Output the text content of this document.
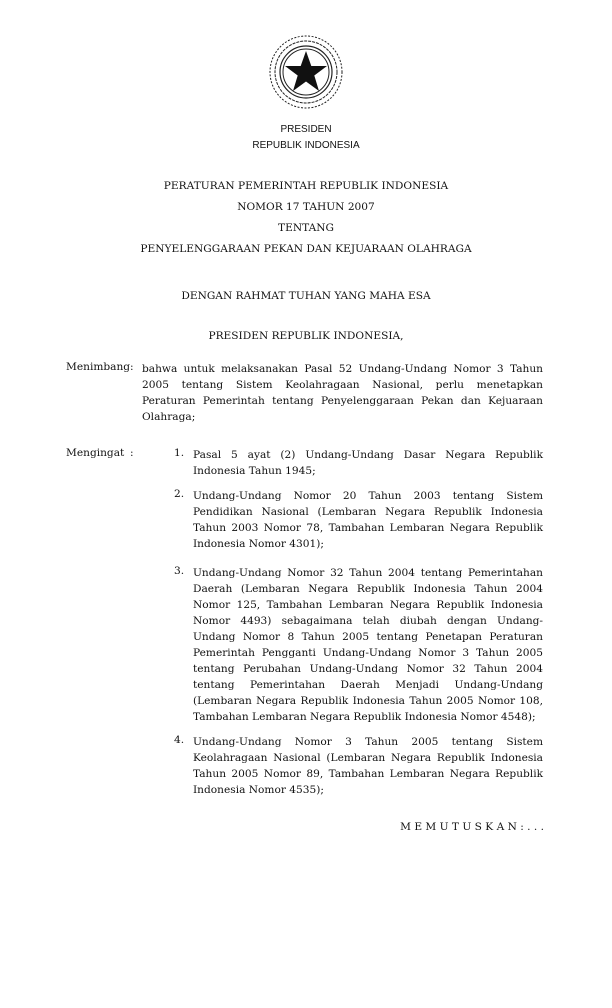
PRESIDEN
REPUBLIK INDONESIA
PERATURAN PEMERINTAH REPUBLIK INDONESIA
NOMOR 17 TAHUN 2007
TENTANG
PENYELENGGARAAN PEKAN DAN KEJUARAAN OLAHRAGA
DENGAN RAHMAT TUHAN YANG MAHA ESA
PRESIDEN REPUBLIK INDONESIA,
Menimbang : bahwa untuk melaksanakan Pasal 52 Undang-Undang Nomor 3 Tahun 2005 tentang Sistem Keolahragaan Nasional, perlu menetapkan Peraturan Pemerintah tentang Penyelenggaraan Pekan dan Kejuaraan Olahraga;
Mengingat :	1. Pasal 5 ayat (2) Undang-Undang Dasar Negara Republik Indonesia Tahun 1945;
2. Undang-Undang Nomor 20 Tahun 2003 tentang Sistem Pendidikan Nasional (Lembaran Negara Republik Indonesia Tahun 2003 Nomor 78, Tambahan Lembaran Negara Republik Indonesia Nomor 4301);
3. Undang-Undang Nomor 32 Tahun 2004 tentang Pemerintahan Daerah (Lembaran Negara Republik Indonesia Tahun 2004 Nomor 125, Tambahan Lembaran Negara Republik Indonesia Nomor 4493) sebagaimana telah diubah dengan Undang-Undang Nomor 8 Tahun 2005 tentang Penetapan Peraturan Pemerintah Pengganti Undang-Undang Nomor 3 Tahun 2005 tentang Perubahan Undang-Undang Nomor 32 Tahun 2004 tentang Pemerintahan Daerah Menjadi Undang-Undang (Lembaran Negara Republik Indonesia Tahun 2005 Nomor 108, Tambahan Lembaran Negara Republik Indonesia Nomor 4548);
4. Undang-Undang Nomor 3 Tahun 2005 tentang Sistem Keolahragaan Nasional (Lembaran Negara Republik Indonesia Tahun 2005 Nomor 89, Tambahan Lembaran Negara Republik Indonesia Nomor 4535);
M E M U T U S K A N : . . .
